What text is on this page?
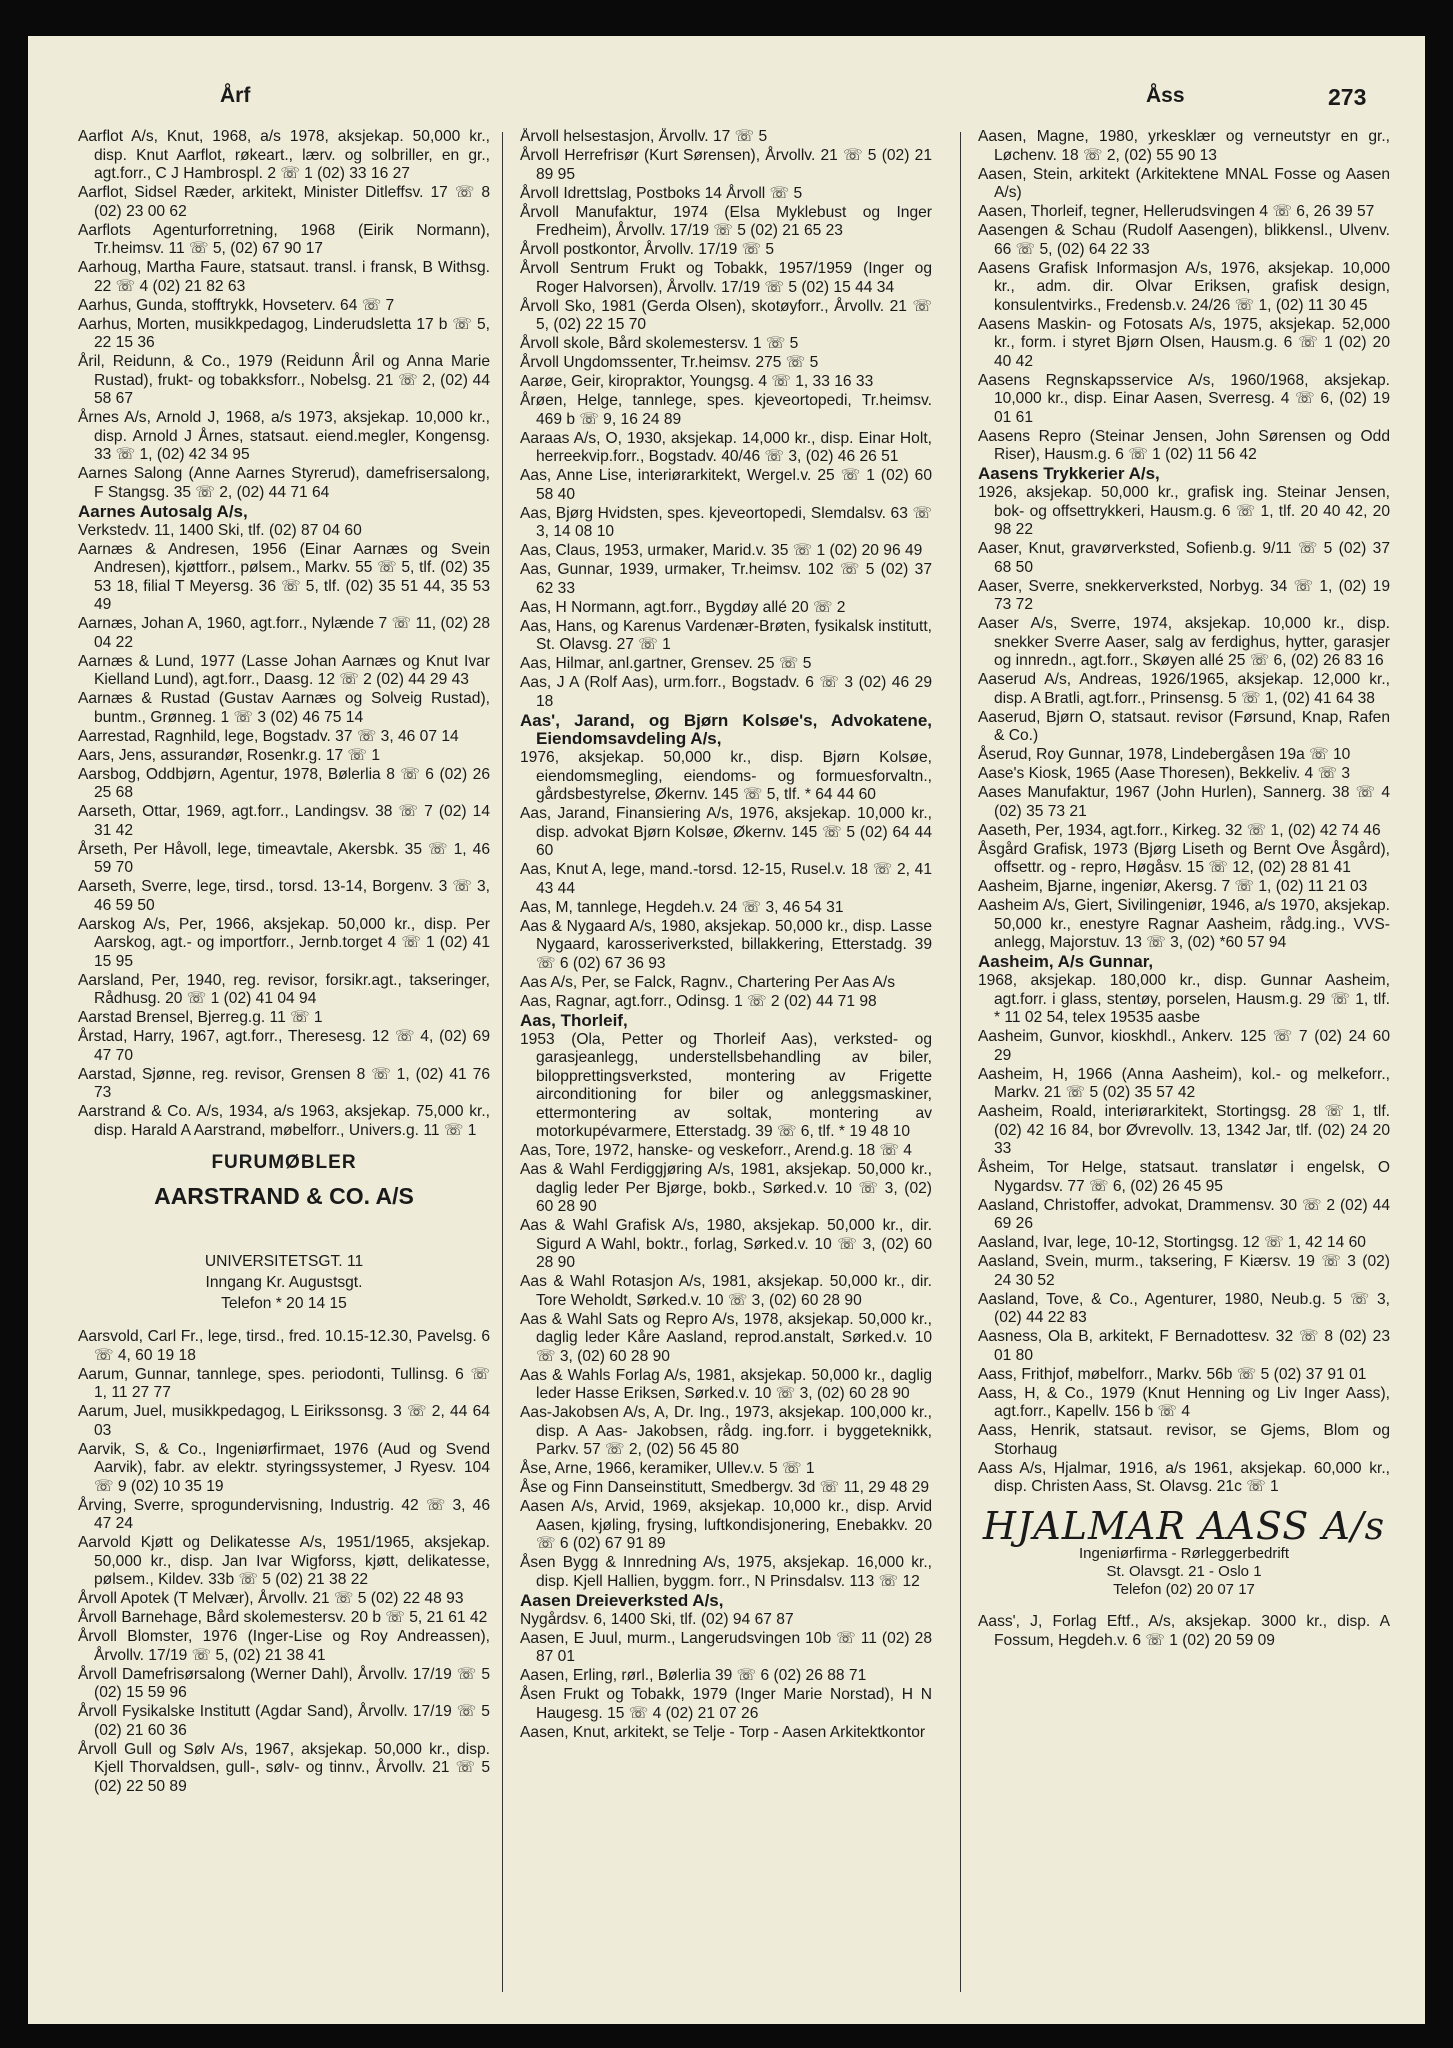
Årf	Åss	273
Aarflot A/s, Knut, 1968, a/s 1978, aksjekap. 50,000 kr., disp. Knut Aarflot, røkeart., lærv. og solbriller, en gr., agt.forr., C J Hambrospl. 2 ☏ 1 (02) 33 16 27
Aarflot, Sidsel Ræder, arkitekt, Minister Ditleffsv. 17 ☏ 8 (02) 23 00 62
Aarflots Agenturforretning, 1968 (Eirik Normann), Tr.heimsv. 11 ☏ 5, (02) 67 90 17
Aarhoug, Martha Faure, statsaut. transl. i fransk, B Withsg. 22 ☏ 4 (02) 21 82 63
Aarhus, Gunda, stofftrykk, Hovseterv. 64 ☏ 7
Aarhus, Morten, musikkpedagog, Linderudsletta 17 b ☏ 5, 22 15 36
Åril, Reidunn, & Co., 1979 (Reidunn Åril og Anna Marie Rustad), frukt- og tobakksforr., Nobelsg. 21 ☏ 2, (02) 44 58 67
Årnes A/s, Arnold J, 1968, a/s 1973, aksjekap. 10,000 kr., disp. Arnold J Årnes, statsaut. eiend.megler, Kongensg. 33 ☏ 1, (02) 42 34 95
Aarnes Salong (Anne Aarnes Styrerud), damefrisersalong, F Stangsg. 35 ☏ 2, (02) 44 71 64
Aarnes Autosalg A/s,
Verkstedv. 11, 1400 Ski, tlf. (02) 87 04 60
Aarnæs & Andresen, 1956 (Einar Aarnæs og Svein Andresen), kjøttforr., pølsem., Markv. 55 ☏ 5, tlf. (02) 35 53 18, filial T Meyersg. 36 ☏ 5, tlf. (02) 35 51 44, 35 53 49
Aarnæs, Johan A, 1960, agt.forr., Nylænde 7 ☏ 11, (02) 28 04 22
Aarnæs & Lund, 1977 (Lasse Johan Aarnæs og Knut Ivar Kielland Lund), agt.forr., Daasg. 12 ☏ 2 (02) 44 29 43
Aarnæs & Rustad (Gustav Aarnæs og Solveig Rustad), buntm., Grønneg. 1 ☏ 3 (02) 46 75 14
Aarrestad, Ragnhild, lege, Bogstadv. 37 ☏ 3, 46 07 14
Aars, Jens, assurandør, Rosenkr.g. 17 ☏ 1
Aarsbog, Oddbjørn, Agentur, 1978, Bølerlia 8 ☏ 6 (02) 26 25 68
Aarseth, Ottar, 1969, agt.forr., Landingsv. 38 ☏ 7 (02) 14 31 42
Årseth, Per Håvoll, lege, timeavtale, Akersbk. 35 ☏ 1, 46 59 70
Aarseth, Sverre, lege, tirsd., torsd. 13-14, Borgenv. 3 ☏ 3, 46 59 50
Aarskog A/s, Per, 1966, aksjekap. 50,000 kr., disp. Per Aarskog, agt.- og importforr., Jernb.torget 4 ☏ 1 (02) 41 15 95
Aarsland, Per, 1940, reg. revisor, forsikr.agt., takseringer, Rådhusg. 20 ☏ 1 (02) 41 04 94
Aarstad Brensel, Bjerreg.g. 11 ☏ 1
Årstad, Harry, 1967, agt.forr., Theresesg. 12 ☏ 4, (02) 69 47 70
Aarstad, Sjønne, reg. revisor, Grensen 8 ☏ 1, (02) 41 76 73
Aarstrand & Co. A/s, 1934, a/s 1963, aksjekap. 75,000 kr., disp. Harald A Aarstrand, møbelforr., Univers.g. 11 ☏ 1
FURUMØBLER
AARSTRAND & CO. A/S
UNIVERSITETSGT. 11
Inngang Kr. Augustsgt.
Telefon * 20 14 15
Aarsvold, Carl Fr., lege, tirsd., fred. 10.15-12.30, Pavelsg. 6 ☏ 4, 60 19 18
Aarum, Gunnar, tannlege, spes. periodonti, Tullinsg. 6 ☏ 1, 11 27 77
Aarum, Juel, musikkpedagog, L Eirikssonsg. 3 ☏ 2, 44 64 03
Aarvik, S, & Co., Ingeniørfirmaet, 1976 (Aud og Svend Aarvik), fabr. av elektr. styringssystemer, J Ryesv. 104 ☏ 9 (02) 10 35 19
Årving, Sverre, sprogundervisning, Industrig. 42 ☏ 3, 46 47 24
Aarvold Kjøtt og Delikatesse A/s, 1951/1965, aksjekap. 50,000 kr., disp. Jan Ivar Wigforss, kjøtt, delikatesse, pølsem., Kildev. 33b ☏ 5 (02) 21 38 22
Årvoll Apotek (T Melvær), Årvollv. 21 ☏ 5 (02) 22 48 93
Årvoll Barnehage, Bård skolemestersv. 20 b ☏ 5, 21 61 42
Årvoll Blomster, 1976 (Inger-Lise og Roy Andreassen), Årvollv. 17/19 ☏ 5, (02) 21 38 41
Årvoll Damefrisørsalong (Werner Dahl), Årvollv. 17/19 ☏ 5 (02) 15 59 96
Årvoll Fysikalske Institutt (Agdar Sand), Årvollv. 17/19 ☏ 5 (02) 21 60 36
Årvoll Gull og Sølv A/s, 1967, aksjekap. 50,000 kr., disp. Kjell Thorvaldsen, gull-, sølv- og tinnv., Årvollv. 21 ☏ 5 (02) 22 50 89
Årvoll helsestasjon, Årvollv. 17 ☏ 5
Årvoll Herrefrisør (Kurt Sørensen), Årvollv. 21 ☏ 5 (02) 21 89 95
Årvoll Idrettslag, Postboks 14 Årvoll ☏ 5
Årvoll Manufaktur, 1974 (Elsa Myklebust og Inger Fredheim), Årvollv. 17/19 ☏ 5 (02) 21 65 23
Årvoll postkontor, Årvollv. 17/19 ☏ 5
Årvoll Sentrum Frukt og Tobakk, 1957/1959 (Inger og Roger Halvorsen), Årvollv. 17/19 ☏ 5 (02) 15 44 34
Årvoll Sko, 1981 (Gerda Olsen), skotøyforr., Årvollv. 21 ☏ 5, (02) 22 15 70
Årvoll skole, Bård skolemestersv. 1 ☏ 5
Årvoll Ungdomssenter, Tr.heimsv. 275 ☏ 5
Aarøe, Geir, kiropraktor, Youngsg. 4 ☏ 1, 33 16 33
Årøen, Helge, tannlege, spes. kjeveortopedi, Tr.heimsv. 469 b ☏ 9, 16 24 89
Aaraas A/s, O, 1930, aksjekap. 14,000 kr., disp. Einar Holt, herreekvip.forr., Bogstadv. 40/46 ☏ 3, (02) 46 26 51
Aas, Anne Lise, interiørarkitekt, Wergel.v. 25 ☏ 1 (02) 60 58 40
Aas, Bjørg Hvidsten, spes. kjeveortopedi, Slemdalsv. 63 ☏ 3, 14 08 10
Aas, Claus, 1953, urmaker, Marid.v. 35 ☏ 1 (02) 20 96 49
Aas, Gunnar, 1939, urmaker, Tr.heimsv. 102 ☏ 5 (02) 37 62 33
Aas, H Normann, agt.forr., Bygdøy allé 20 ☏ 2
Aas, Hans, og Karenus Vardenær-Brøten, fysikalsk institutt, St. Olavsg. 27 ☏ 1
Aas, Hilmar, anl.gartner, Grensev. 25 ☏ 5
Aas, J A (Rolf Aas), urm.forr., Bogstadv. 6 ☏ 3 (02) 46 29 18
Aas', Jarand, og Bjørn Kolsøe's, Advokatene, Eiendomsavdeling A/s,
1976, aksjekap. 50,000 kr., disp. Bjørn Kolsøe, eiendomsmegling, eiendoms- og formuesforvaltn., gårdsbestyrelse, Økernv. 145 ☏ 5, tlf. * 64 44 60
Aas, Jarand, Finansiering A/s, 1976, aksjekap. 10,000 kr., disp. advokat Bjørn Kolsøe, Økernv. 145 ☏ 5 (02) 64 44 60
Aas, Knut A, lege, mand.-torsd. 12-15, Rusel.v. 18 ☏ 2, 41 43 44
Aas, M, tannlege, Hegdeh.v. 24 ☏ 3, 46 54 31
Aas & Nygaard A/s, 1980, aksjekap. 50,000 kr., disp. Lasse Nygaard, karosseriverksted, billakkering, Etterstadg. 39 ☏ 6 (02) 67 36 93
Aas A/s, Per, se Falck, Ragnv., Chartering Per Aas A/s
Aas, Ragnar, agt.forr., Odinsg. 1 ☏ 2 (02) 44 71 98
Aas, Thorleif,
1953 (Ola, Petter og Thorleif Aas), verksted- og garasjeanlegg, understellsbehandling av biler, bilopprettingsverksted, montering av Frigette airconditioning for biler og anleggsmaskiner, ettermontering av soltak, montering av motorkupévarmere, Etterstadg. 39 ☏ 6, tlf. * 19 48 10
Aas, Tore, 1972, hanske- og veskeforr., Arend.g. 18 ☏ 4
Aas & Wahl Ferdiggjøring A/s, 1981, aksjekap. 50,000 kr., daglig leder Per Bjørge, bokb., Sørked.v. 10 ☏ 3, (02) 60 28 90
Aas & Wahl Grafisk A/s, 1980, aksjekap. 50,000 kr., dir. Sigurd A Wahl, boktr., forlag, Sørked.v. 10 ☏ 3, (02) 60 28 90
Aas & Wahl Rotasjon A/s, 1981, aksjekap. 50,000 kr., dir. Tore Weholdt, Sørked.v. 10 ☏ 3, (02) 60 28 90
Aas & Wahl Sats og Repro A/s, 1978, aksjekap. 50,000 kr., daglig leder Kåre Aasland, reprod.anstalt, Sørked.v. 10 ☏ 3, (02) 60 28 90
Aas & Wahls Forlag A/s, 1981, aksjekap. 50,000 kr., daglig leder Hasse Eriksen, Sørked.v. 10 ☏ 3, (02) 60 28 90
Aas-Jakobsen A/s, A, Dr. Ing., 1973, aksjekap. 100,000 kr., disp. A Aas- Jakobsen, rådg. ing.forr. i byggeteknikk, Parkv. 57 ☏ 2, (02) 56 45 80
Åse, Arne, 1966, keramiker, Ullev.v. 5 ☏ 1
Åse og Finn Danseinstitutt, Smedbergv. 3d ☏ 11, 29 48 29
Aasen A/s, Arvid, 1969, aksjekap. 10,000 kr., disp. Arvid Aasen, kjøling, frysing, luftkondisjonering, Enebakkv. 20 ☏ 6 (02) 67 91 89
Åsen Bygg & Innredning A/s, 1975, aksjekap. 16,000 kr., disp. Kjell Hallien, byggm. forr., N Prinsdalsv. 113 ☏ 12
Aasen Dreieverksted A/s,
Nygårdsv. 6, 1400 Ski, tlf. (02) 94 67 87
Aasen, E Juul, murm., Langerudsvingen 10b ☏ 11 (02) 28 87 01
Aasen, Erling, rørl., Bølerlia 39 ☏ 6 (02) 26 88 71
Åsen Frukt og Tobakk, 1979 (Inger Marie Norstad), H N Haugesg. 15 ☏ 4 (02) 21 07 26
Aasen, Knut, arkitekt, se Telje - Torp - Aasen Arkitektkontor
Aasen, Magne, 1980, yrkesklær og verneutstyr en gr., Løchenv. 18 ☏ 2, (02) 55 90 13
Aasen, Stein, arkitekt (Arkitektene MNAL Fosse og Aasen A/s)
Aasen, Thorleif, tegner, Hellerudsvingen 4 ☏ 6, 26 39 57
Aasengen & Schau (Rudolf Aasengen), blikkensl., Ulvenv. 66 ☏ 5, (02) 64 22 33
Aasens Grafisk Informasjon A/s, 1976, aksjekap. 10,000 kr., adm. dir. Olvar Eriksen, grafisk design, konsulentvirks., Fredensb.v. 24/26 ☏ 1, (02) 11 30 45
Aasens Maskin- og Fotosats A/s, 1975, aksjekap. 52,000 kr., form. i styret Bjørn Olsen, Hausm.g. 6 ☏ 1 (02) 20 40 42
Aasens Regnskapsservice A/s, 1960/1968, aksjekap. 10,000 kr., disp. Einar Aasen, Sverresg. 4 ☏ 6, (02) 19 01 61
Aasens Repro (Steinar Jensen, John Sørensen og Odd Riser), Hausm.g. 6 ☏ 1 (02) 11 56 42
Aasens Trykkerier A/s,
1926, aksjekap. 50,000 kr., grafisk ing. Steinar Jensen, bok- og offsettrykkeri, Hausm.g. 6 ☏ 1, tlf. 20 40 42, 20 98 22
Aaser, Knut, gravørverksted, Sofienb.g. 9/11 ☏ 5 (02) 37 68 50
Aaser, Sverre, snekkerverksted, Norbyg. 34 ☏ 1, (02) 19 73 72
Aaser A/s, Sverre, 1974, aksjekap. 10,000 kr., disp. snekker Sverre Aaser, salg av ferdighus, hytter, garasjer og innredn., agt.forr., Skøyen allé 25 ☏ 6, (02) 26 83 16
Aaserud A/s, Andreas, 1926/1965, aksjekap. 12,000 kr., disp. A Bratli, agt.forr., Prinsensg. 5 ☏ 1, (02) 41 64 38
Aaserud, Bjørn O, statsaut. revisor (Førsund, Knap, Rafen & Co.)
Åserud, Roy Gunnar, 1978, Lindebergåsen 19a ☏ 10
Aase's Kiosk, 1965 (Aase Thoresen), Bekkeliv. 4 ☏ 3
Aases Manufaktur, 1967 (John Hurlen), Sannerg. 38 ☏ 4 (02) 35 73 21
Aaseth, Per, 1934, agt.forr., Kirkeg. 32 ☏ 1, (02) 42 74 46
Åsgård Grafisk, 1973 (Bjørg Liseth og Bernt Ove Åsgård), offsettr. og - repro, Høgåsv. 15 ☏ 12, (02) 28 81 41
Aasheim, Bjarne, ingeniør, Akersg. 7 ☏ 1, (02) 11 21 03
Aasheim A/s, Giert, Sivilingeniør, 1946, a/s 1970, aksjekap. 50,000 kr., enestyre Ragnar Aasheim, rådg.ing., VVS-anlegg, Majorstuv. 13 ☏ 3, (02) *60 57 94
Aasheim, A/s Gunnar,
1968, aksjekap. 180,000 kr., disp. Gunnar Aasheim, agt.forr. i glass, stentøy, porselen, Hausm.g. 29 ☏ 1, tlf. * 11 02 54, telex 19535 aasbe
Aasheim, Gunvor, kioskhdl., Ankerv. 125 ☏ 7 (02) 24 60 29
Aasheim, H, 1966 (Anna Aasheim), kol.- og melkeforr., Markv. 21 ☏ 5 (02) 35 57 42
Aasheim, Roald, interiørarkitekt, Stortingsg. 28 ☏ 1, tlf. (02) 42 16 84, bor Øvrevollv. 13, 1342 Jar, tlf. (02) 24 20 33
Åsheim, Tor Helge, statsaut. translatør i engelsk, O Nygardsv. 77 ☏ 6, (02) 26 45 95
Aasland, Christoffer, advokat, Drammensv. 30 ☏ 2 (02) 44 69 26
Aasland, Ivar, lege, 10-12, Stortingsg. 12 ☏ 1, 42 14 60
Aasland, Svein, murm., taksering, F Kiærsv. 19 ☏ 3 (02) 24 30 52
Aasland, Tove, & Co., Agenturer, 1980, Neub.g. 5 ☏ 3, (02) 44 22 83
Aasness, Ola B, arkitekt, F Bernadottesv. 32 ☏ 8 (02) 23 01 80
Aass, Frithjof, møbelforr., Markv. 56b ☏ 5 (02) 37 91 01
Aass, H, & Co., 1979 (Knut Henning og Liv Inger Aass), agt.forr., Kapellv. 156 b ☏ 4
Aass, Henrik, statsaut. revisor, se Gjems, Blom og Storhaug
Aass A/s, Hjalmar, 1916, a/s 1961, aksjekap. 60,000 kr., disp. Christen Aass, St. Olavsg. 21c ☏ 1
HJALMAR AASS A/s
Ingeniørfirma - Rørleggerbedrift
St. Olavsgt. 21 - Oslo 1
Telefon (02) 20 07 17
Aass', J, Forlag Eftf., A/s, aksjekap. 3000 kr., disp. A Fossum, Hegdeh.v. 6 ☏ 1 (02) 20 59 09
